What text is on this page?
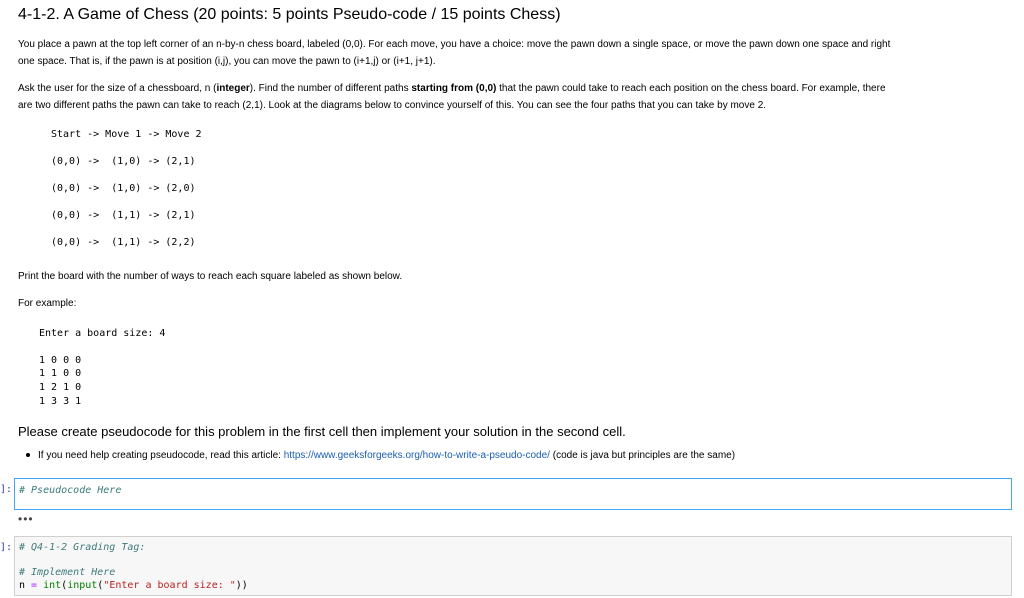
4-1-2. A Game of Chess (20 points: 5 points Pseudo-code / 15 points Chess)
You place a pawn at the top left corner of an n-by-n chess board, labeled (0,0). For each move, you have a choice: move the pawn down a single space, or move the pawn down one space and right
one space. That is, if the pawn is at position (i,j), you can move the pawn to (i+1,j) or (i+1, j+1).
Ask the user for the size of a chessboard, n (integer). Find the number of different paths starting from (0,0) that the pawn could take to reach each position on the chess board. For example, there
are two different paths the pawn can take to reach (2,1). Look at the diagrams below to convince yourself of this. You can see the four paths that you can take by move 2.
Start -> Move 1 -> Move 2
(0,0) ->  (1,0) -> (2,1)
(0,0) ->  (1,0) -> (2,0)
(0,0) ->  (1,1) -> (2,1)
(0,0) ->  (1,1) -> (2,2)
Print the board with the number of ways to reach each square labeled as shown below.
For example:
Enter a board size: 4
1 0 0 0
1 1 0 0
1 2 1 0
1 3 3 1
Please create pseudocode for this problem in the first cell then implement your solution in the second cell.
If you need help creating pseudocode, read this article: https://www.geeksforgeeks.org/how-to-write-a-pseudo-code/ (code is java but principles are the same)
]: # Pseudocode Here
•••
]: # Q4-1-2 Grading Tag:
# Implement Here
n = int(input("Enter a board size: "))
